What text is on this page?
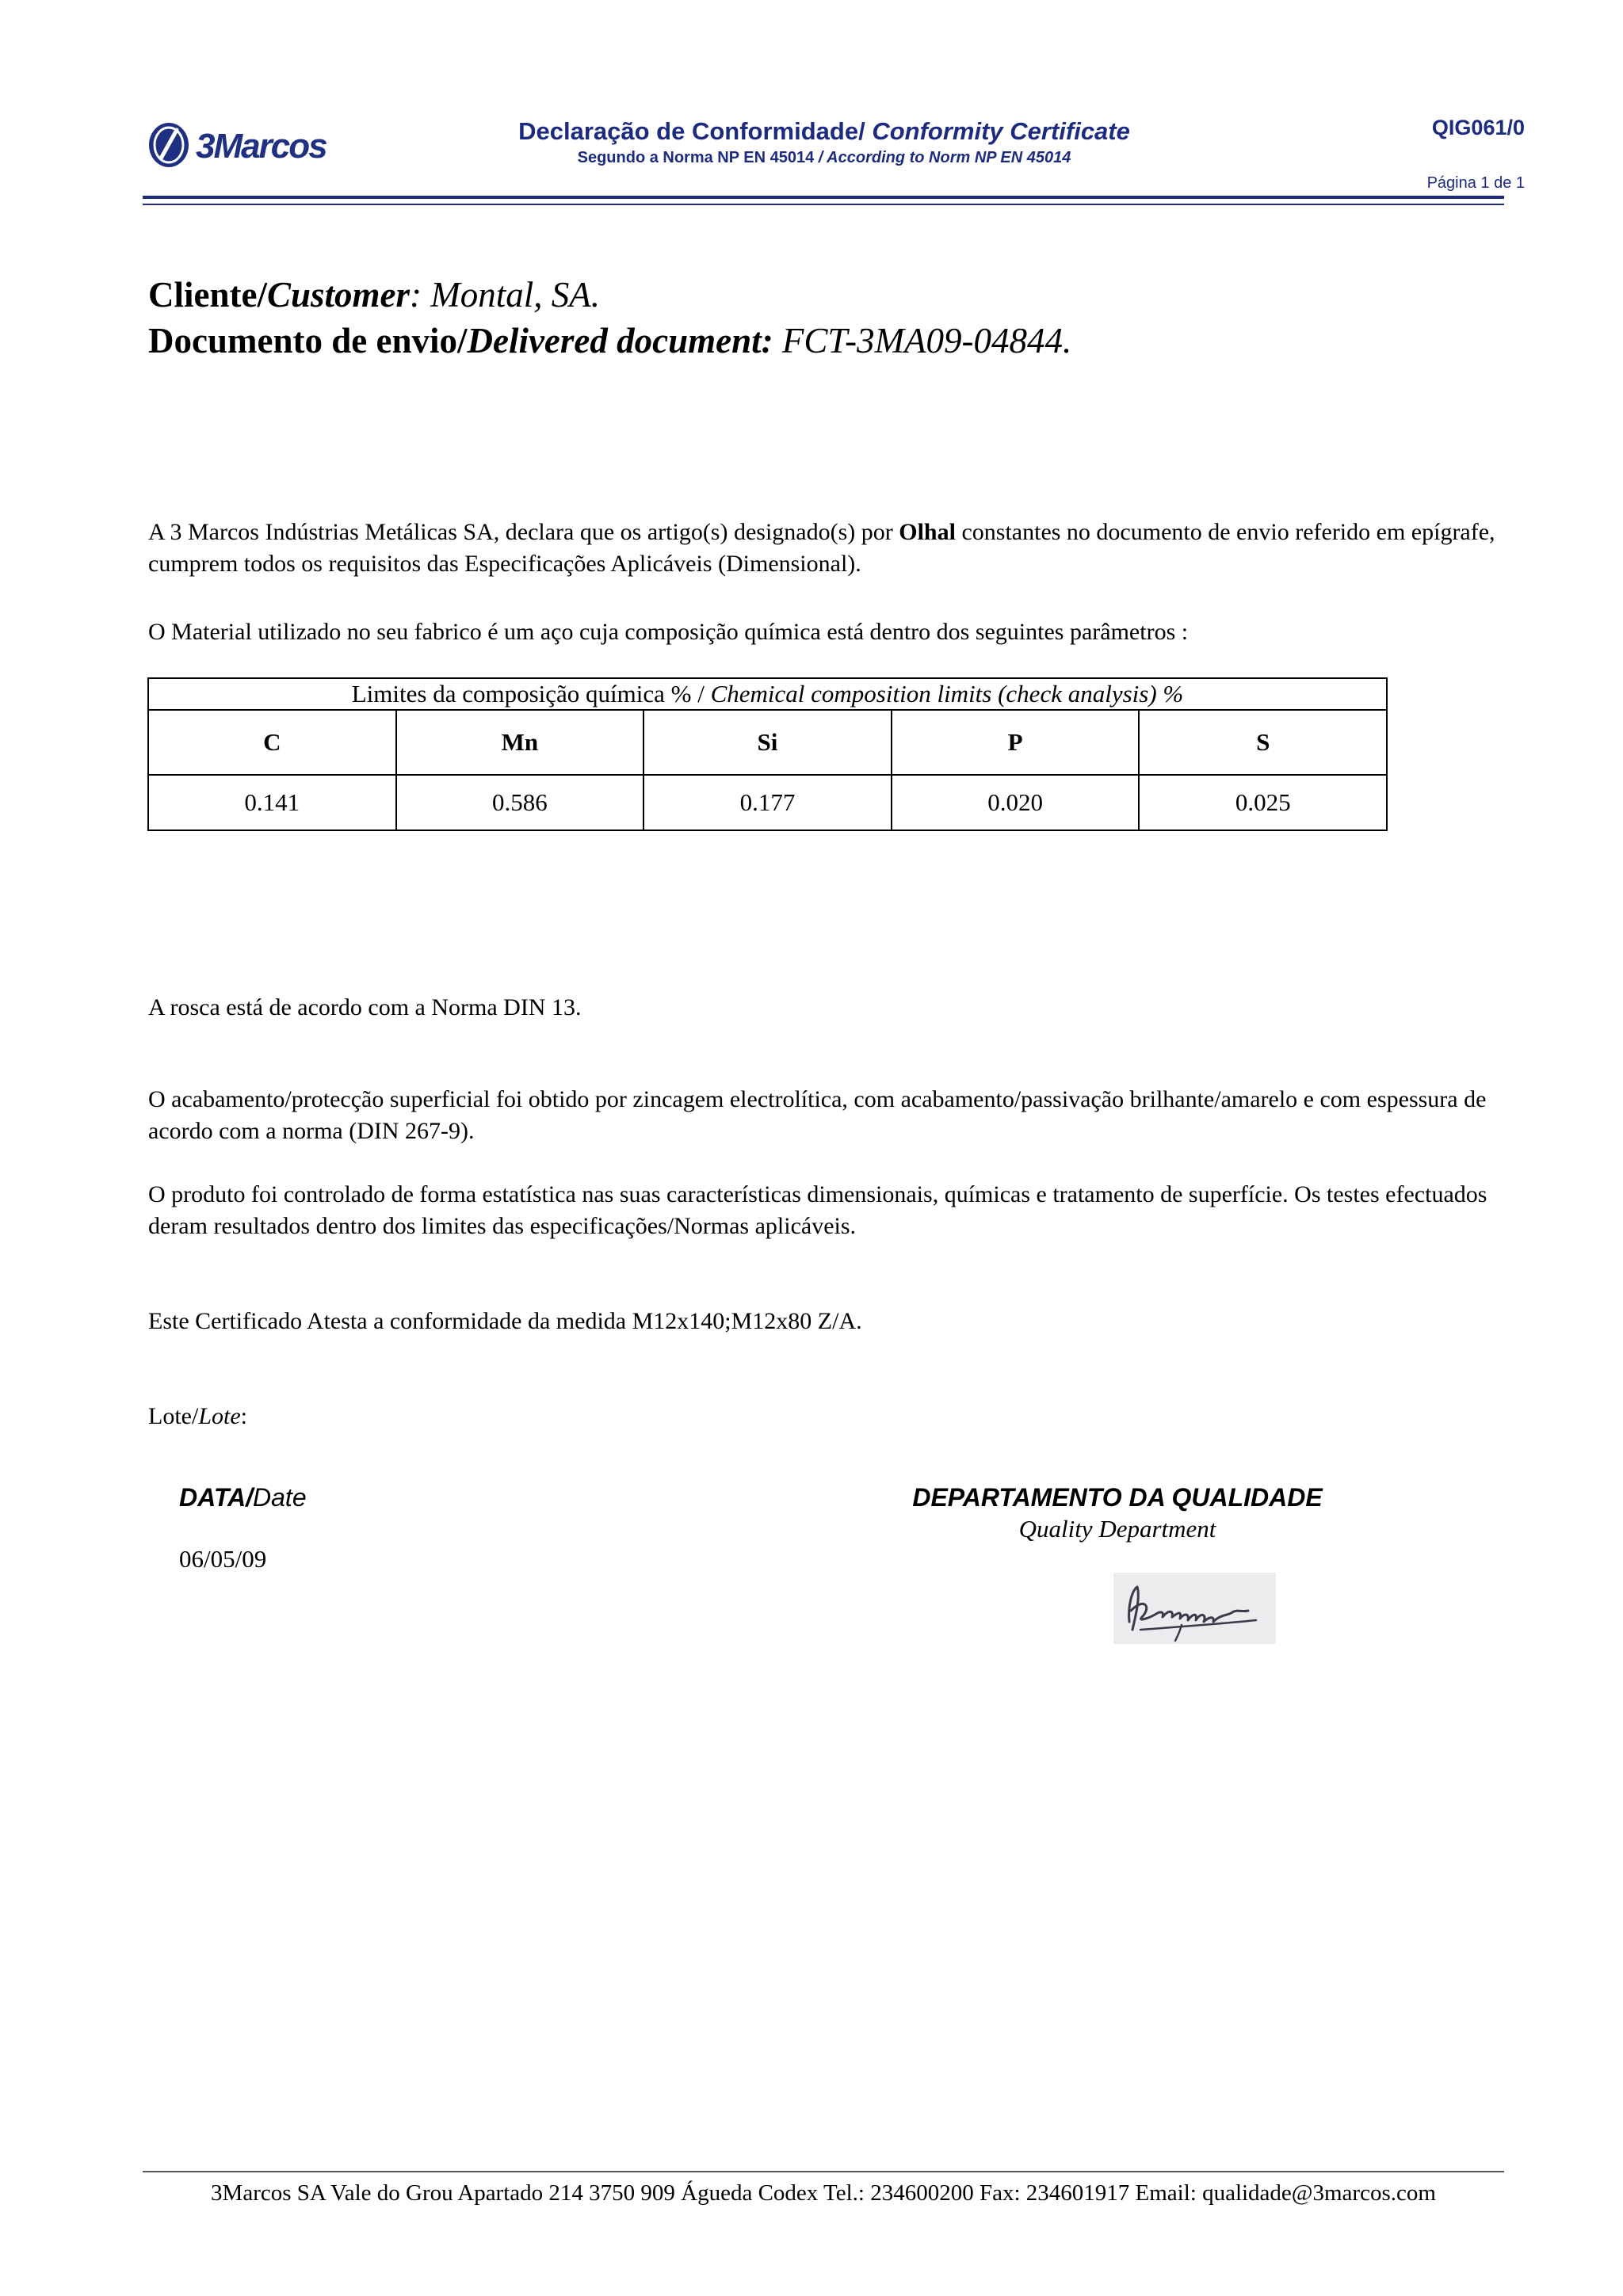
3Marcos	Declaração de Conformidade/ Conformity Certificate
Segundo a Norma NP EN 45014 / According to Norm NP EN 45014
QIG061/0
Página 1 de 1
Cliente/Customer: Montal, SA.
Documento de envio/Delivered document: FCT-3MA09-04844.
A 3 Marcos Indústrias Metálicas SA, declara que os artigo(s) designado(s) por Olhal constantes no documento de envio referido em epígrafe, cumprem todos os requisitos das Especificações Aplicáveis (Dimensional).
O Material utilizado no seu fabrico é um aço cuja composição química está dentro dos seguintes parâmetros :
Limites da composição química % / Chemical composition limits (check analysis) %				
C	Mn	Si	P	S
0.141	0.586	0.177	0.020	0.025
A rosca está de acordo com a Norma DIN 13.
O acabamento/protecção superficial foi obtido por zincagem electrolítica, com acabamento/passivação brilhante/amarelo e com espessura de acordo com a norma (DIN 267-9).
O produto foi controlado de forma estatística nas suas características dimensionais, químicas e tratamento de superfície. Os testes efectuados deram resultados dentro dos limites das especificações/Normas aplicáveis.
Este Certificado Atesta a conformidade da medida M12x140;M12x80 Z/A.
Lote/Lote:
DATA/Date
06/05/09
DEPARTAMENTO DA QUALIDADE
Quality Department
3Marcos SA Vale do Grou Apartado 214 3750 909 Águeda Codex Tel.: 234600200 Fax: 234601917 Email: qualidade@3marcos.com
